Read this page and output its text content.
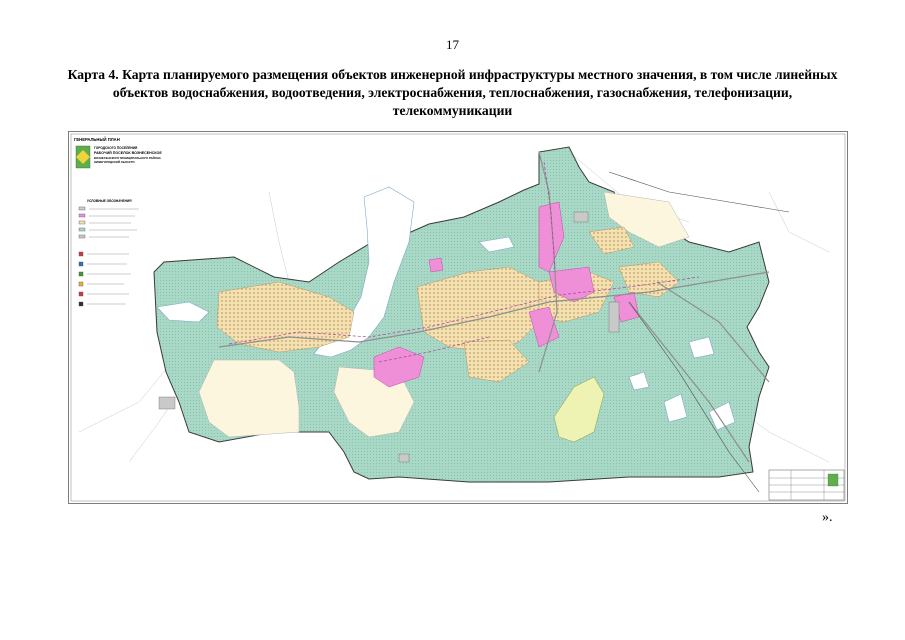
17
Карта 4. Карта планируемого размещения объектов инженерной инфраструктуры местного значения, в том числе линейных объектов водоснабжения, водоотведения, электроснабжения, теплоснабжения, газоснабжения, телефонизации, телекоммуникации
ГЕНЕРАЛЬНЫЙ ПЛАН
ГОРОДСКОГО ПОСЕЛЕНИЯ
РАБОЧИЙ ПОСЕЛОК ВОЗНЕСЕНСКОЕ
ВОЗНЕСЕНСКОГО МУНИЦИПАЛЬНОГО РАЙОНА
НИЖЕГОРОДСКОЙ ОБЛАСТИ
УСЛОВНЫЕ ОБОЗНАЧЕНИЯ
».
